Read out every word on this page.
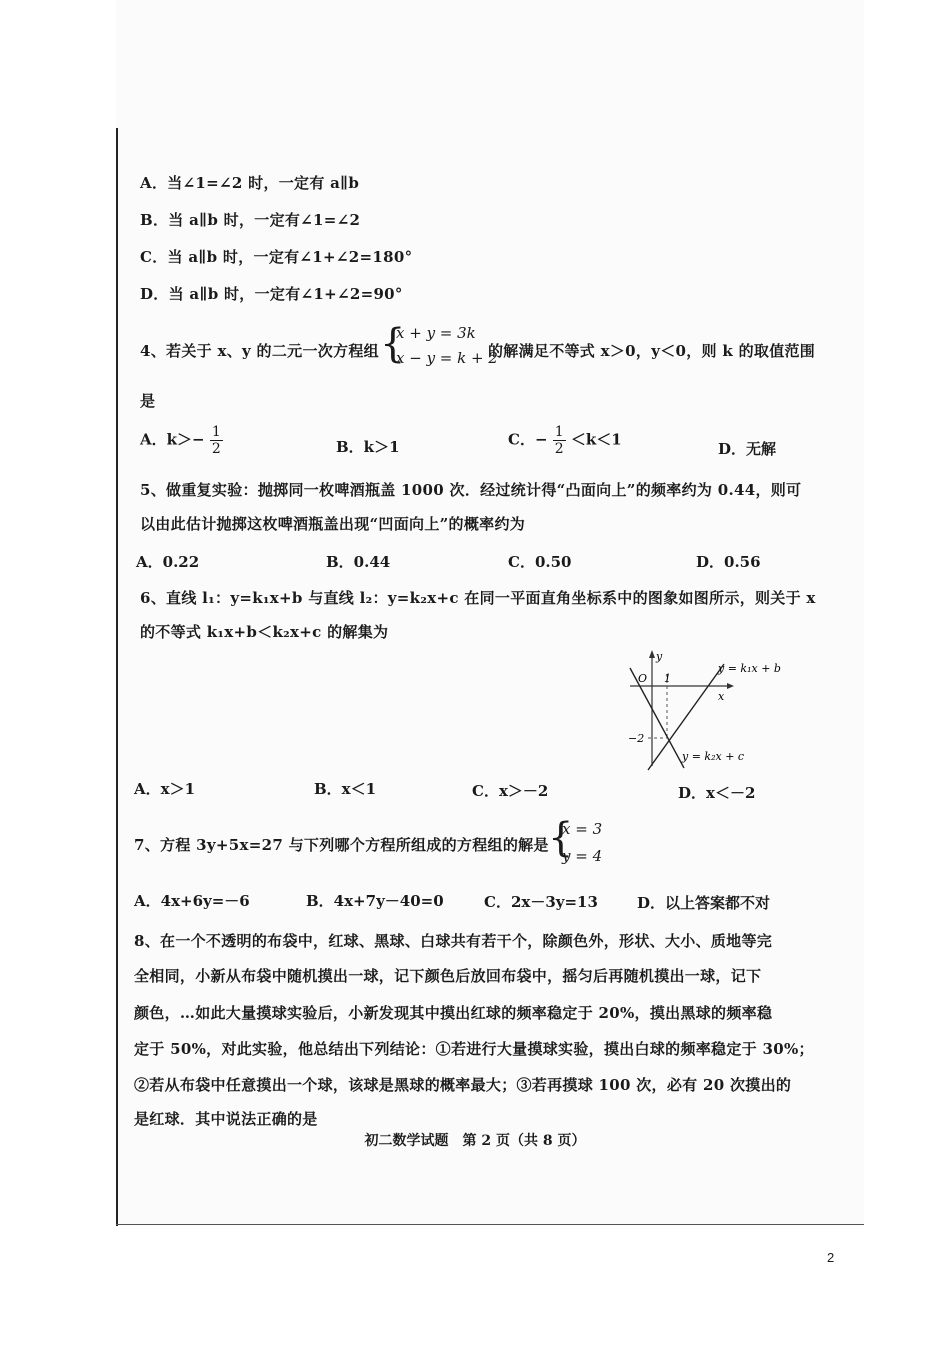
A．当∠1=∠2 时，一定有 a∥b
B．当 a∥b 时，一定有∠1=∠2
C．当 a∥b 时，一定有∠1+∠2=180°
D．当 a∥b 时，一定有∠1+∠2=90°
4、若关于 x、y 的二元一次方程组 {
x + y = 3k
x − y = k + 2
的解满足不等式 x＞0，y＜0，则 k 的取值范围
是
A．$k>- \frac{1}{2}$	B．k＞1	C．− $\frac{1}{2} <k<1$
D．无解
5、做重复实验：抛掷同一枚啤酒瓶盖 1000 次．经过统计得“凸面向上”的频率约为 0.44，则可
以由此估计抛掷这枚啤酒瓶盖出现“凹面向上”的概率约为
A．0.22	B．0.44	C．0.50	D．0.56
6、直线 l₁：y=k₁x+b 与直线 l₂：y=k₂x+c 在同一平面直角坐标系中的图象如图所示，则关于 x
的不等式 k₁x+b＜k₂x+c 的解集为
y
O 1
x
−2
y = k₁x + b
y = k₂x + c
A．x＞1	B．x＜1	C．x＞－2	D．x＜－2
7、方程 3y+5x=27 与下列哪个方程所组成的方程组的解是 {
x = 3
y = 4
A．4x+6y=－6	B．4x+7y－40=0	C．2x－3y=13	D．以上答案都不对
8、在一个不透明的布袋中，红球、黑球、白球共有若干个，除颜色外，形状、大小、质地等完
全相同，小新从布袋中随机摸出一球，记下颜色后放回布袋中，摇匀后再随机摸出一球，记下
颜色，…如此大量摸球实验后，小新发现其中摸出红球的频率稳定于 20%，摸出黑球的频率稳
定于 50%，对此实验，他总结出下列结论：①若进行大量摸球实验，摸出白球的频率稳定于 30%；
②若从布袋中任意摸出一个球，该球是黑球的概率最大；③若再摸球 100 次，必有 20 次摸出的
是红球．其中说法正确的是
初二数学试题　第 2 页（共 8 页）
2
